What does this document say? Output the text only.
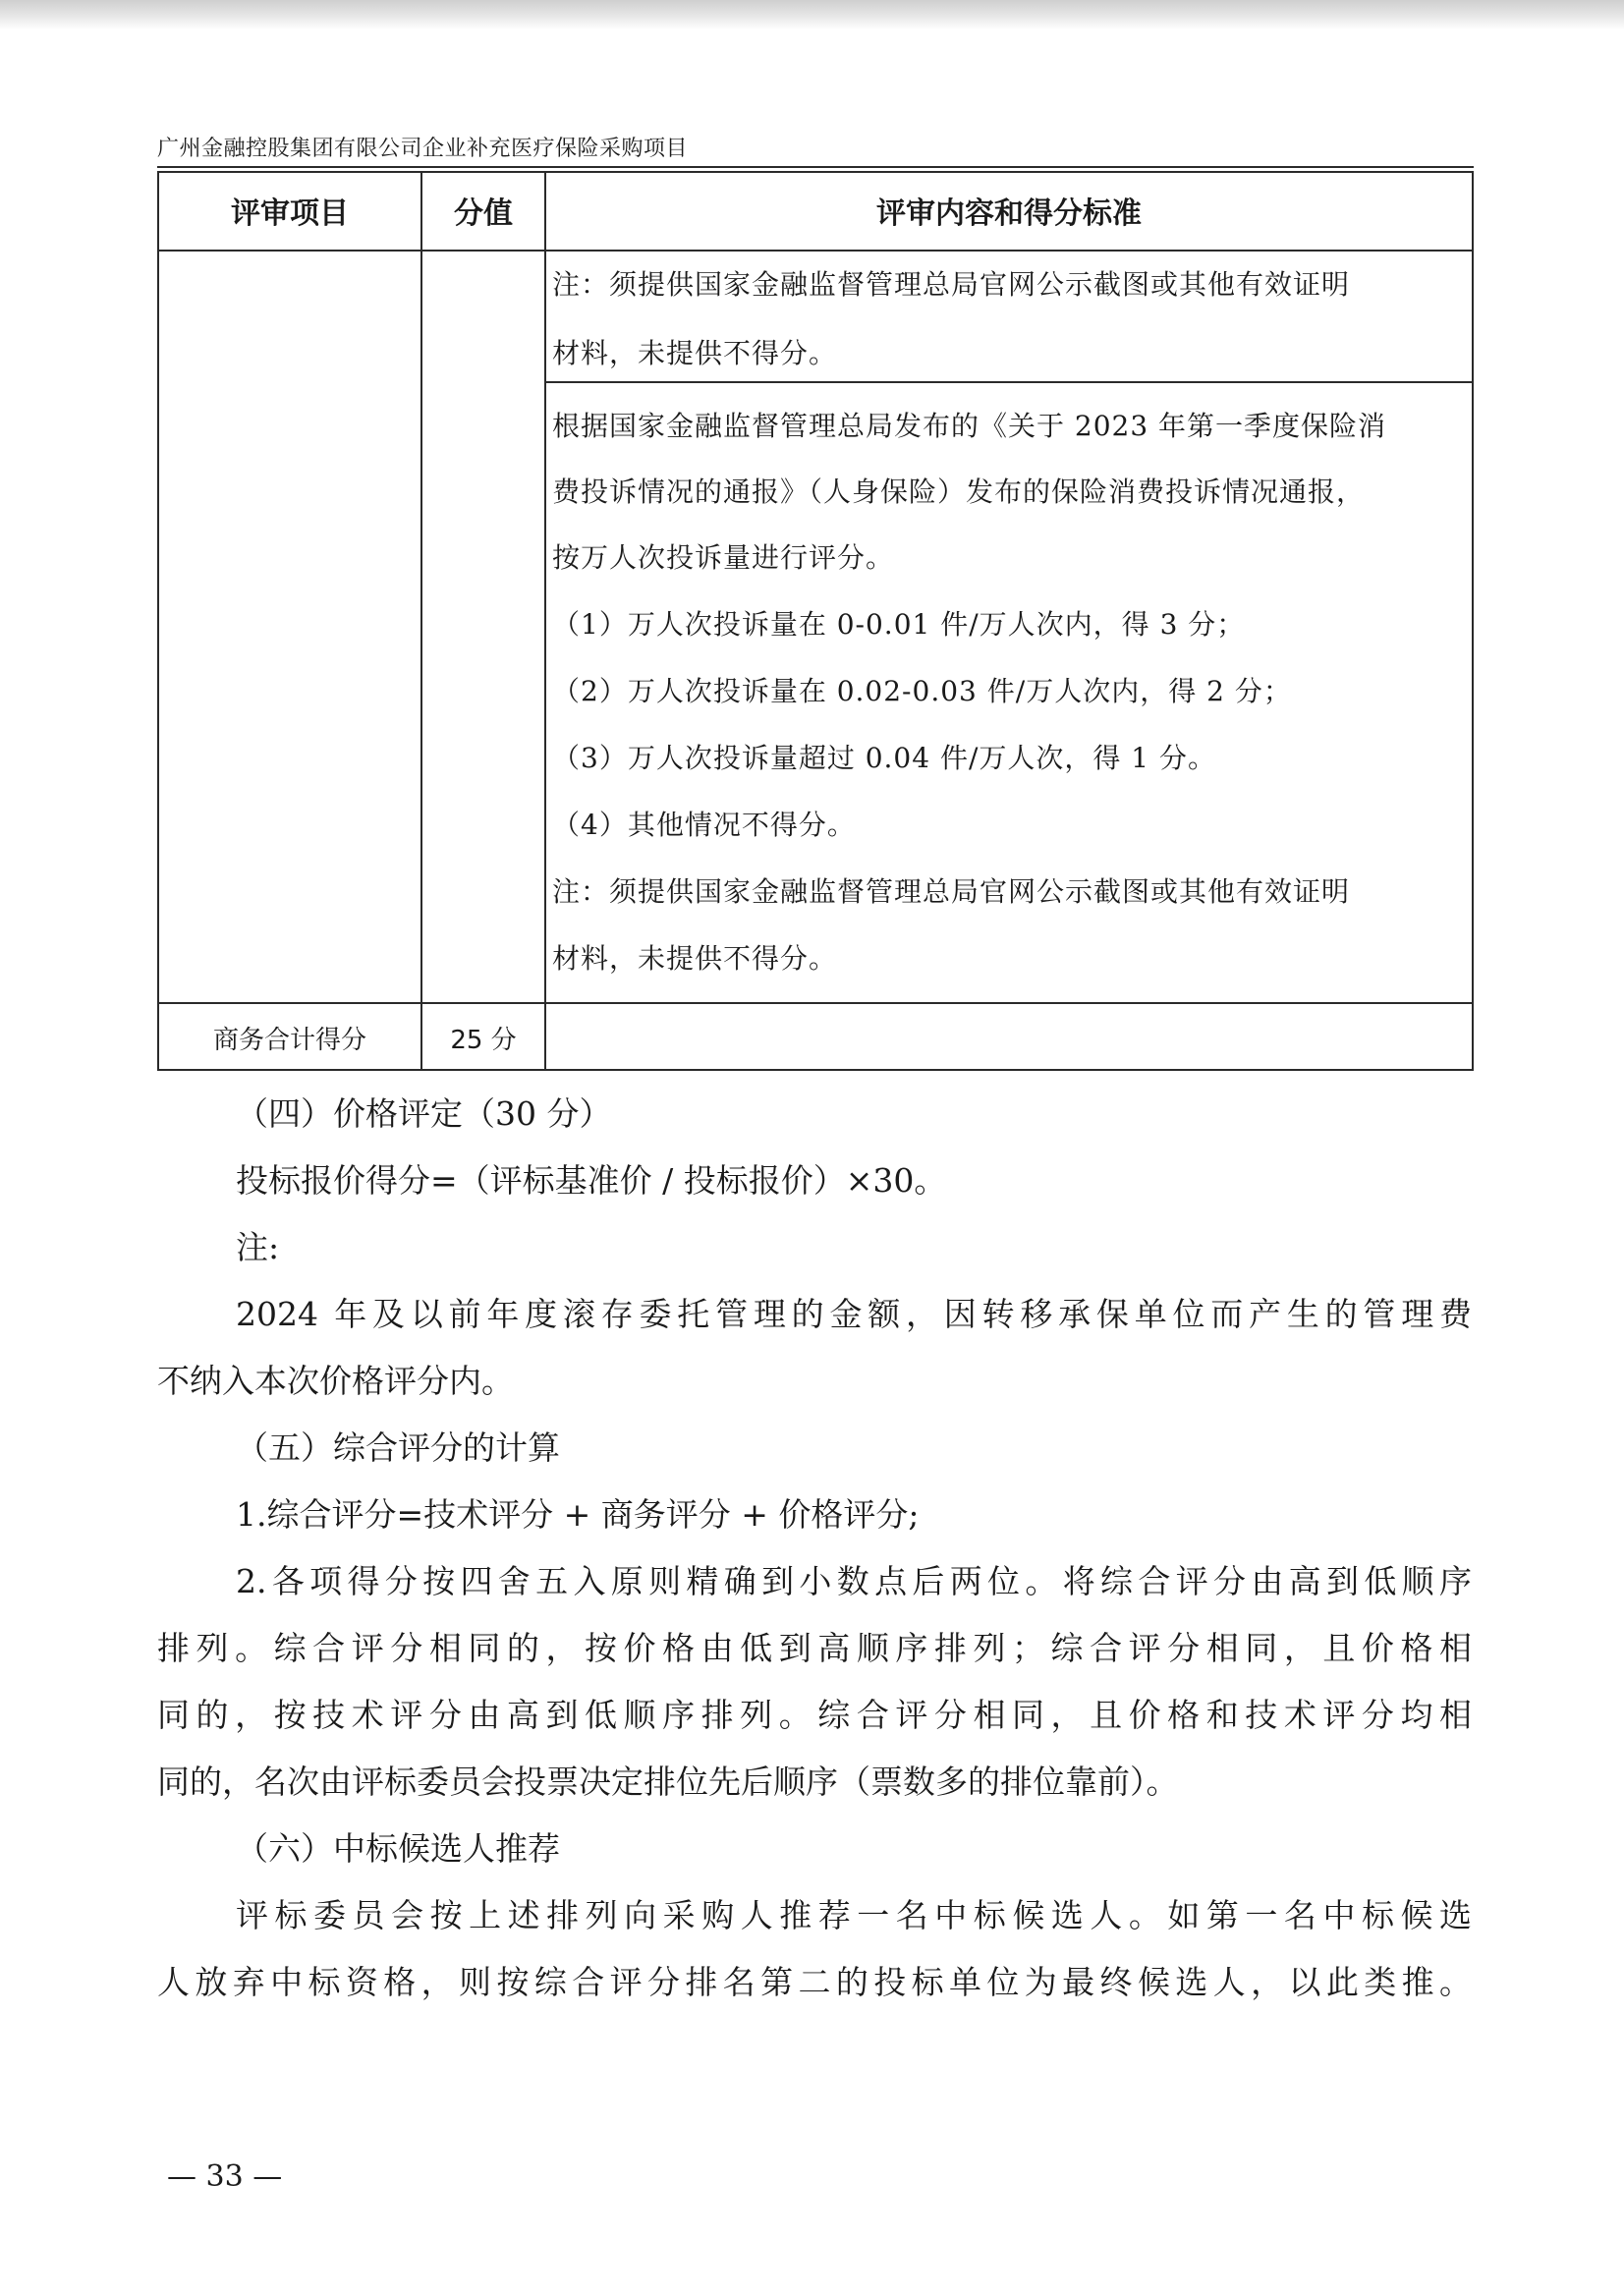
广州金融控股集团有限公司企业补充医疗保险采购项目
评审项目	分值	评审内容和得分标准
注：须提供国家金融监督管理总局官网公示截图或其他有效证明
材料，未提供不得分。
根据国家金融监督管理总局发布的《关于 2023 年第一季度保险消
费投诉情况的通报》（人身保险）发布的保险消费投诉情况通报，
按万人次投诉量进行评分。
（1）万人次投诉量在 0-0.01 件/万人次内，得 3 分；
（2）万人次投诉量在 0.02-0.03 件/万人次内，得 2 分；
（3）万人次投诉量超过 0.04 件/万人次，得 1 分。
（4）其他情况不得分。
注：须提供国家金融监督管理总局官网公示截图或其他有效证明
材料，未提供不得分。
商务合计得分	25 分
（四）价格评定（30 分）
投标报价得分=（评标基准价 / 投标报价）×30。
注:
2024 年及以前年度滚存委托管理的金额，因转移承保单位而产生的管理费
不纳入本次价格评分内。
（五）综合评分的计算
1.综合评分=技术评分 + 商务评分 + 价格评分;
2.各项得分按四舍五入原则精确到小数点后两位。将综合评分由高到低顺序
排列。综合评分相同的，按价格由低到高顺序排列；综合评分相同，且价格相
同的，按技术评分由高到低顺序排列。综合评分相同，且价格和技术评分均相
同的，名次由评标委员会投票决定排位先后顺序（票数多的排位靠前）。
（六）中标候选人推荐
评标委员会按上述排列向采购人推荐一名中标候选人。如第一名中标候选
人放弃中标资格，则按综合评分排名第二的投标单位为最终候选人，以此类推。
— 33 —
